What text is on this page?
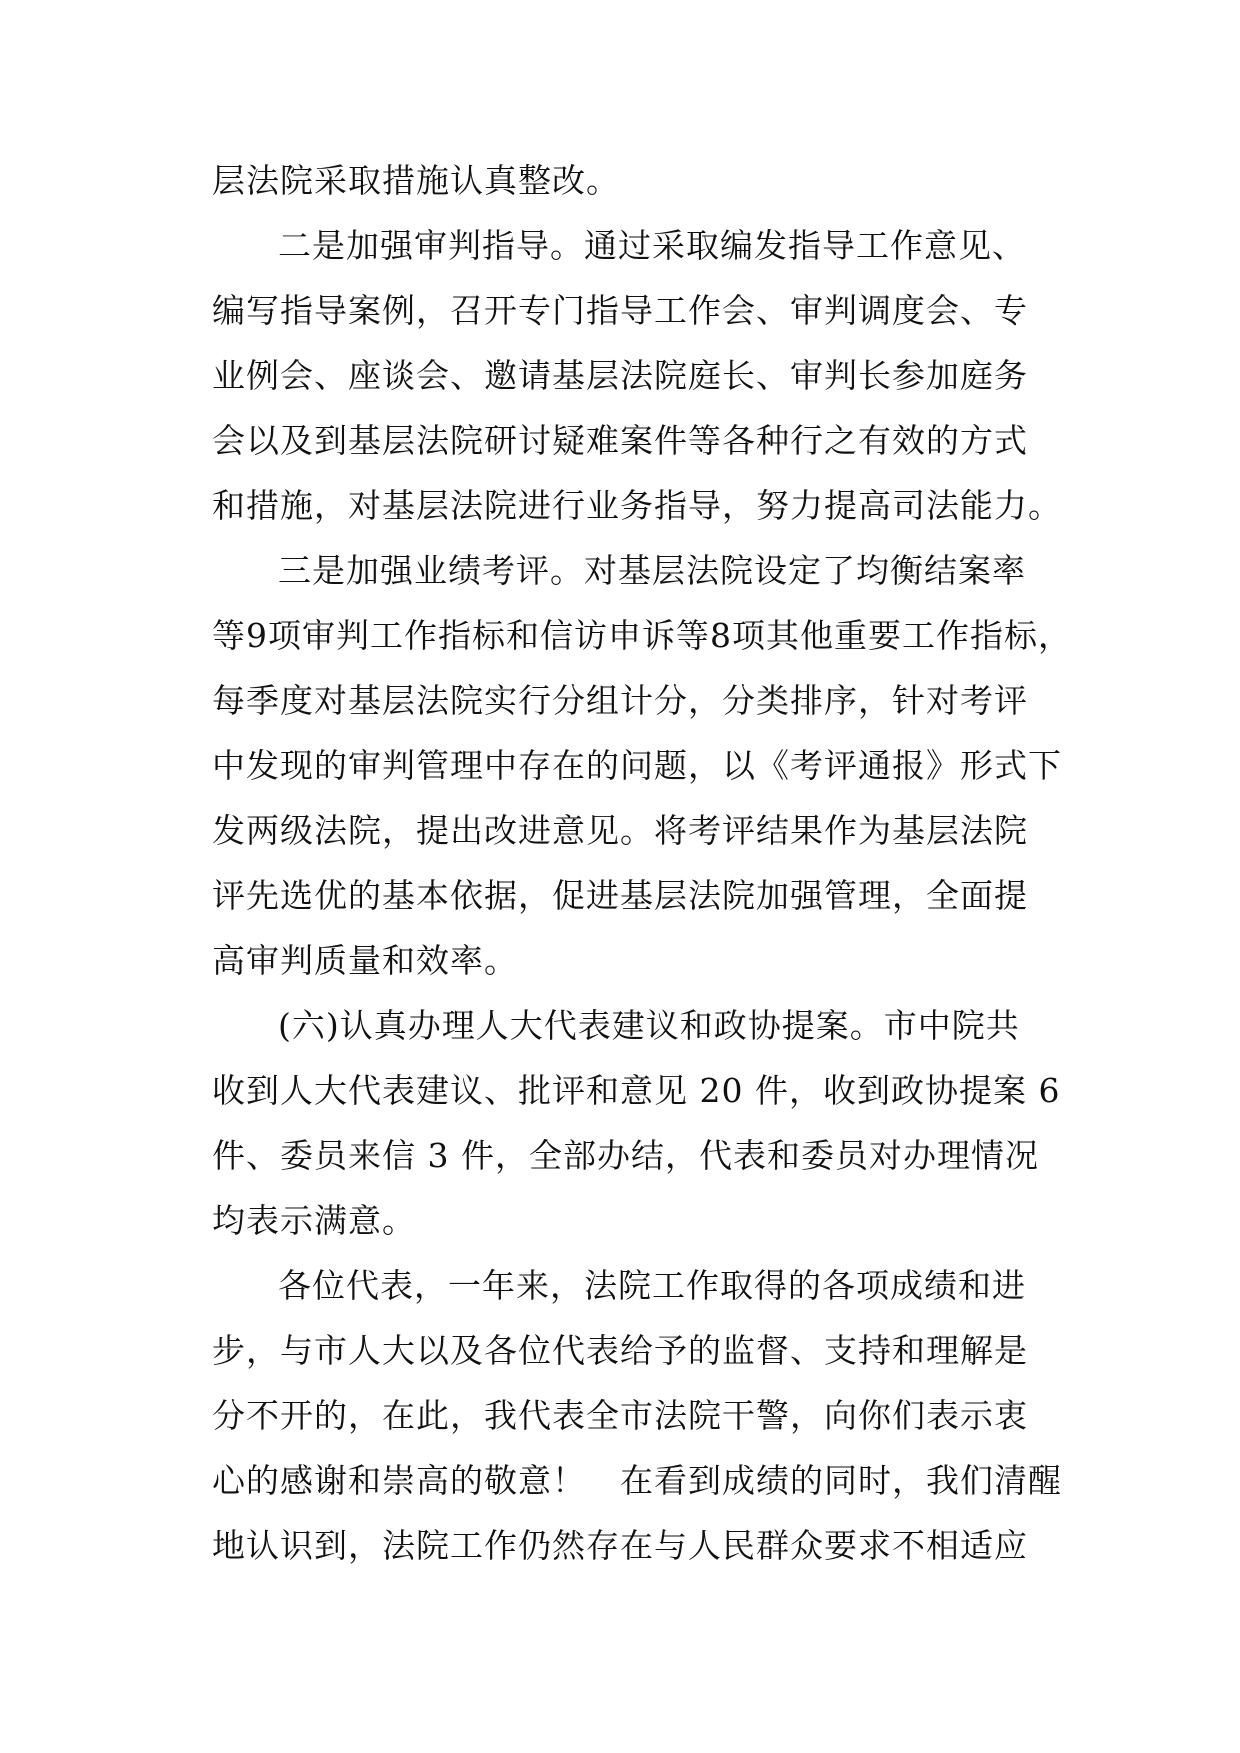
层法院采取措施认真整改。
二是加强审判指导。通过采取编发指导工作意见、
编写指导案例，召开专门指导工作会、审判调度会、专
业例会、座谈会、邀请基层法院庭长、审判长参加庭务
会以及到基层法院研讨疑难案件等各种行之有效的方式
和措施，对基层法院进行业务指导，努力提高司法能力。
三是加强业绩考评。对基层法院设定了均衡结案率
等9项审判工作指标和信访申诉等8项其他重要工作指标，
每季度对基层法院实行分组计分，分类排序，针对考评
中发现的审判管理中存在的问题，以《考评通报》形式下
发两级法院，提出改进意见。将考评结果作为基层法院
评先选优的基本依据，促进基层法院加强管理，全面提
高审判质量和效率。
(六)认真办理人大代表建议和政协提案。市中院共
收到人大代表建议、批评和意见 20 件，收到政协提案 6
件、委员来信 3 件，全部办结，代表和委员对办理情况
均表示满意。
各位代表，一年来，法院工作取得的各项成绩和进
步，与市人大以及各位代表给予的监督、支持和理解是
分不开的，在此，我代表全市法院干警，向你们表示衷
心的感谢和崇高的敬意！　在看到成绩的同时，我们清醒
地认识到，法院工作仍然存在与人民群众要求不相适应
